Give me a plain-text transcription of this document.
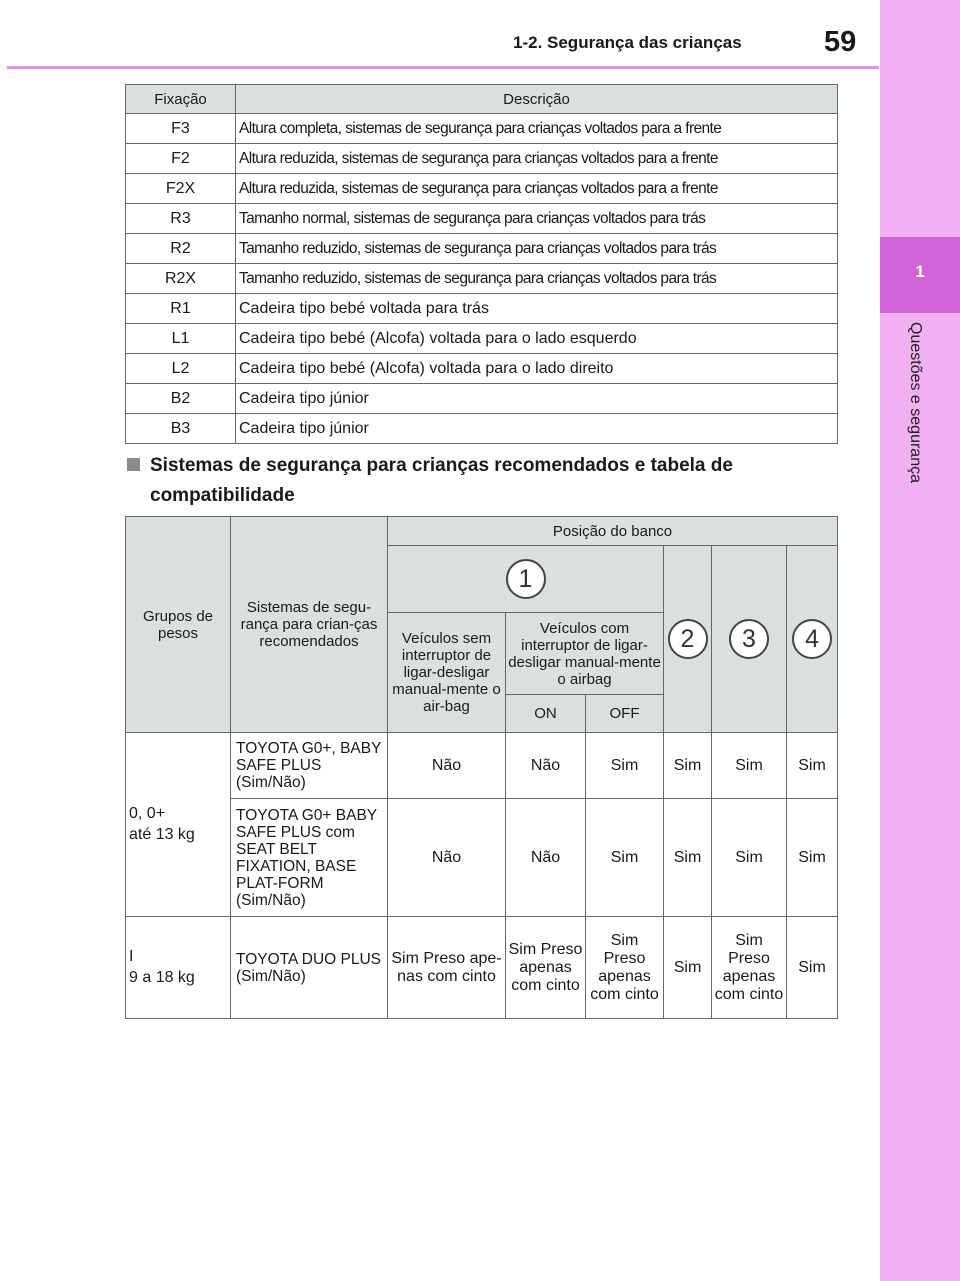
1-2. Segurança das crianças	59
1
Questões e segurança
Fixação	Descrição
F3	Altura completa, sistemas de segurança para crianças voltados para a frente
F2	Altura reduzida, sistemas de segurança para crianças voltados para a frente
F2X	Altura reduzida, sistemas de segurança para crianças voltados para a frente
R3	Tamanho normal, sistemas de segurança para crianças voltados para trás
R2	Tamanho reduzido, sistemas de segurança para crianças voltados para trás
R2X	Tamanho reduzido, sistemas de segurança para crianças voltados para trás
R1	Cadeira tipo bebé voltada para trás
L1	Cadeira tipo bebé (Alcofa) voltada para o lado esquerdo
L2	Cadeira tipo bebé (Alcofa) voltada para o lado direito
B2	Cadeira tipo júnior
B3	Cadeira tipo júnior
Sistemas de segurança para crianças recomendados e tabela de compatibilidade
Grupos de pesos	Sistemas de segu-rança para crian-ças recomendados	Posição do banco					
		1			2	3	4
		Veículos sem interruptor de ligar-desligar manual-mente o air-bag	Veículos com interruptor de ligar-desligar manual-mente o airbag				
			ON	OFF			

0, 0+
até 13 kg	TOYOTA G0+, BABY SAFE PLUS (Sim/Não)	Não	Não	Sim	Sim	Sim	Sim
	TOYOTA G0+ BABY SAFE PLUS com SEAT BELT FIXATION, BASE PLAT-FORM (Sim/Não)	Não	Não	Sim	Sim	Sim	Sim

I
9 a 18 kg	TOYOTA DUO PLUS (Sim/Não)	Sim Preso ape-nas com cinto	Sim Preso apenas com cinto	Sim Preso apenas com cinto	Sim	Sim Preso apenas com cinto	Sim
